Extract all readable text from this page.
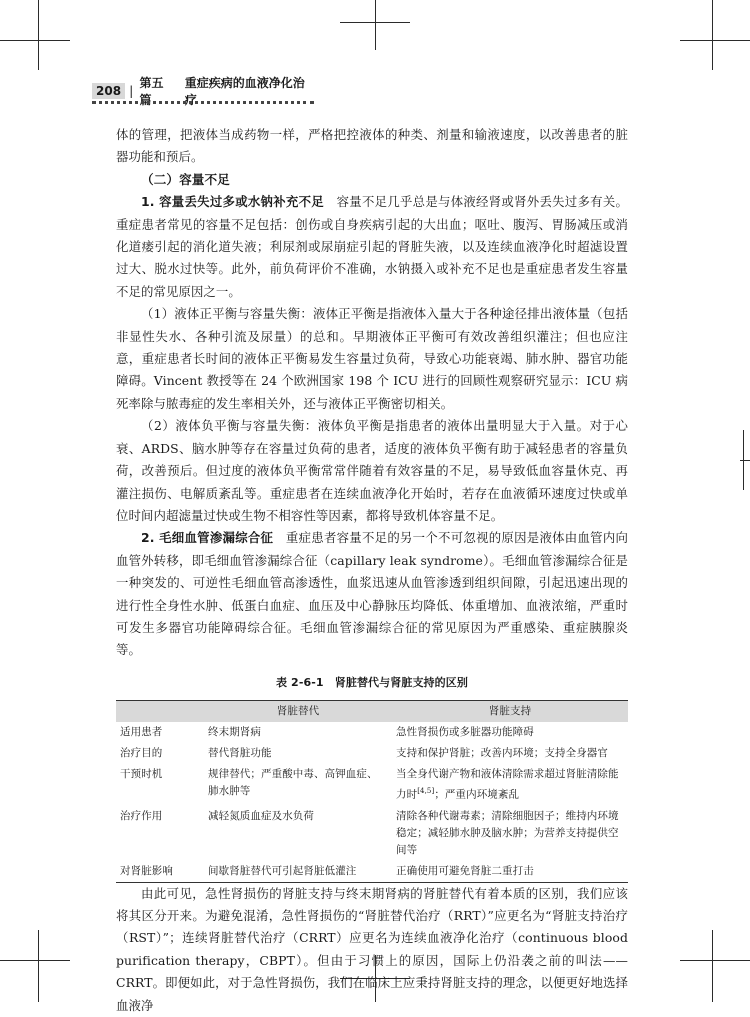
208 |
第五篇
重症疾病的血液净化治疗

体的管理，把液体当成药物一样，严格把控液体的种类、剂量和输液速度，以改善患者的脏器功能和预后。

（二）容量不足

1. 容量丢失过多或水钠补充不足　容量不足几乎总是与体液经肾或肾外丢失过多有关。重症患者常见的容量不足包括：创伤或自身疾病引起的大出血；呕吐、腹泻、胃肠减压或消化道瘘引起的消化道失液；利尿剂或尿崩症引起的肾脏失液，以及连续血液净化时超滤设置过大、脱水过快等。此外，前负荷评价不准确，水钠摄入或补充不足也是重症患者发生容量不足的常见原因之一。

（1）液体正平衡与容量失衡：液体正平衡是指液体入量大于各种途径排出液体量（包括非显性失水、各种引流及尿量）的总和。早期液体正平衡可有效改善组织灌注；但也应注意，重症患者长时间的液体正平衡易发生容量过负荷，导致心功能衰竭、肺水肿、器官功能障碍。Vincent 教授等在 24 个欧洲国家 198 个 ICU 进行的回顾性观察研究显示：ICU 病死率除与脓毒症的发生率相关外，还与液体正平衡密切相关。

（2）液体负平衡与容量失衡：液体负平衡是指患者的液体出量明显大于入量。对于心衰、ARDS、脑水肿等存在容量过负荷的患者，适度的液体负平衡有助于减轻患者的容量负荷，改善预后。但过度的液体负平衡常常伴随着有效容量的不足，易导致低血容量休克、再灌注损伤、电解质紊乱等。重症患者在连续血液净化开始时，若存在血液循环速度过快或单位时间内超滤量过快或生物不相容性等因素，都将导致机体容量不足。

2. 毛细血管渗漏综合征　重症患者容量不足的另一个不可忽视的原因是液体由血管内向血管外转移，即毛细血管渗漏综合征（capillary leak syndrome）。毛细血管渗漏综合征是一种突发的、可逆性毛细血管高渗透性，血浆迅速从血管渗透到组织间隙，引起迅速出现的进行性全身性水肿、低蛋白血症、血压及中心静脉压均降低、体重增加、血液浓缩，严重时可发生多器官功能障碍综合征。毛细血管渗漏综合征的常见原因为严重感染、重症胰腺炎等。

表 2-6-1　肾脏替代与肾脏支持的区别
	肾脏替代	肾脏支持
适用患者	终末期肾病	急性肾损伤或多脏器功能障碍
治疗目的	替代肾脏功能	支持和保护肾脏；改善内环境；支持全身器官
干预时机	规律替代；严重酸中毒、高钾血症、肺水肿等	当全身代谢产物和液体清除需求超过肾脏清除能力时[4,5]；严重内环境紊乱
治疗作用	减轻氮质血症及水负荷	清除各种代谢毒素；清除细胞因子；维持内环境稳定；减轻肺水肿及脑水肿；为营养支持提供空间等
对肾脏影响	间歇肾脏替代可引起肾脏低灌注	正确使用可避免肾脏二重打击

由此可见，急性肾损伤的肾脏支持与终末期肾病的肾脏替代有着本质的区别，我们应该将其区分开来。为避免混淆，急性肾损伤的“肾脏替代治疗（RRT）”应更名为“肾脏支持治疗（RST）”；连续肾脏替代治疗（CRRT）应更名为连续血液净化治疗（continuous blood purification therapy，CBPT）。但由于习惯上的原因，国际上仍沿袭之前的叫法——CRRT。即便如此，对于急性肾损伤，我们在临床上应秉持肾脏支持的理念，以便更好地选择血液净
